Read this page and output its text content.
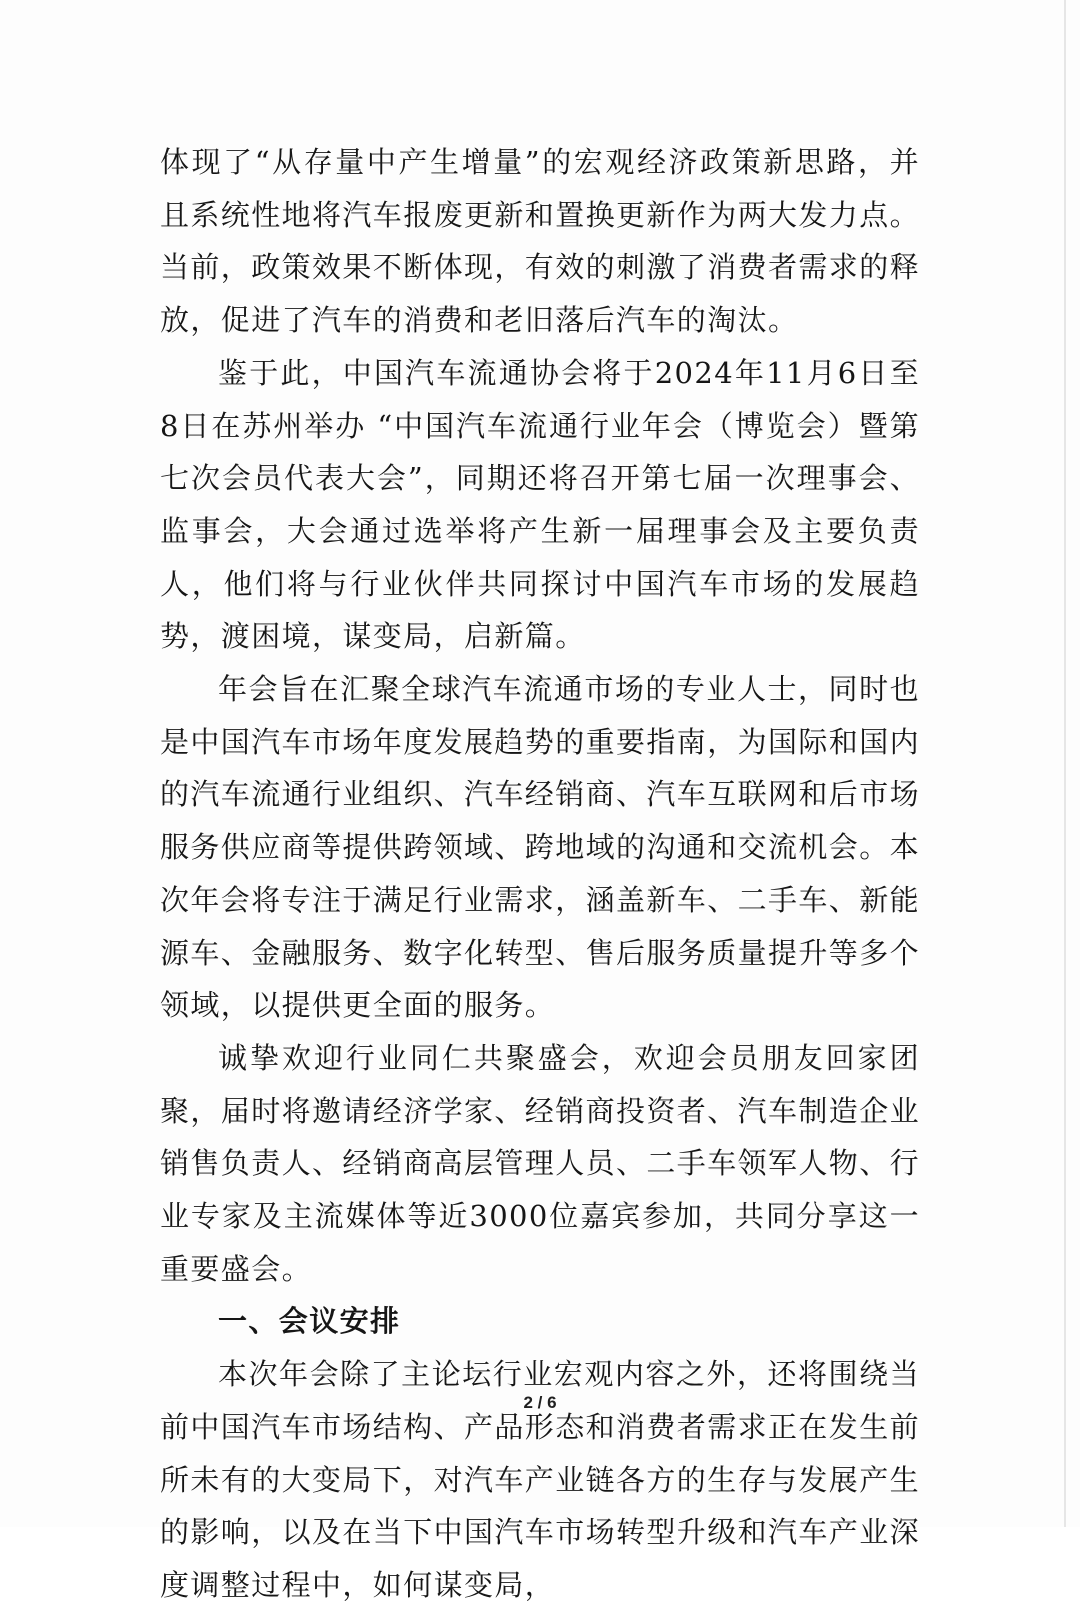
体现了“从存量中产生增量”的宏观经济政策新思路，并且系统性地将汽车报废更新和置换更新作为两大发力点。当前，政策效果不断体现，有效的刺激了消费者需求的释放，促进了汽车的消费和老旧落后汽车的淘汰。

鉴于此，中国汽车流通协会将于2024年11月6日至8日在苏州举办 “中国汽车流通行业年会（博览会）暨第七次会员代表大会”，同期还将召开第七届一次理事会、监事会，大会通过选举将产生新一届理事会及主要负责人，他们将与行业伙伴共同探讨中国汽车市场的发展趋势，渡困境，谋变局，启新篇。

年会旨在汇聚全球汽车流通市场的专业人士，同时也是中国汽车市场年度发展趋势的重要指南，为国际和国内的汽车流通行业组织、汽车经销商、汽车互联网和后市场服务供应商等提供跨领域、跨地域的沟通和交流机会。本次年会将专注于满足行业需求，涵盖新车、二手车、新能源车、金融服务、数字化转型、售后服务质量提升等多个领域，以提供更全面的服务。

诚挚欢迎行业同仁共聚盛会，欢迎会员朋友回家团聚，届时将邀请经济学家、经销商投资者、汽车制造企业销售负责人、经销商高层管理人员、二手车领军人物、行业专家及主流媒体等近3000位嘉宾参加，共同分享这一重要盛会。

一、会议安排

本次年会除了主论坛行业宏观内容之外，还将围绕当前中国汽车市场结构、产品形态和消费者需求正在发生前所未有的大变局下，对汽车产业链各方的生存与发展产生的影响，以及在当下中国汽车市场转型升级和汽车产业深度调整过程中，如何谋变局，

2 / 6
